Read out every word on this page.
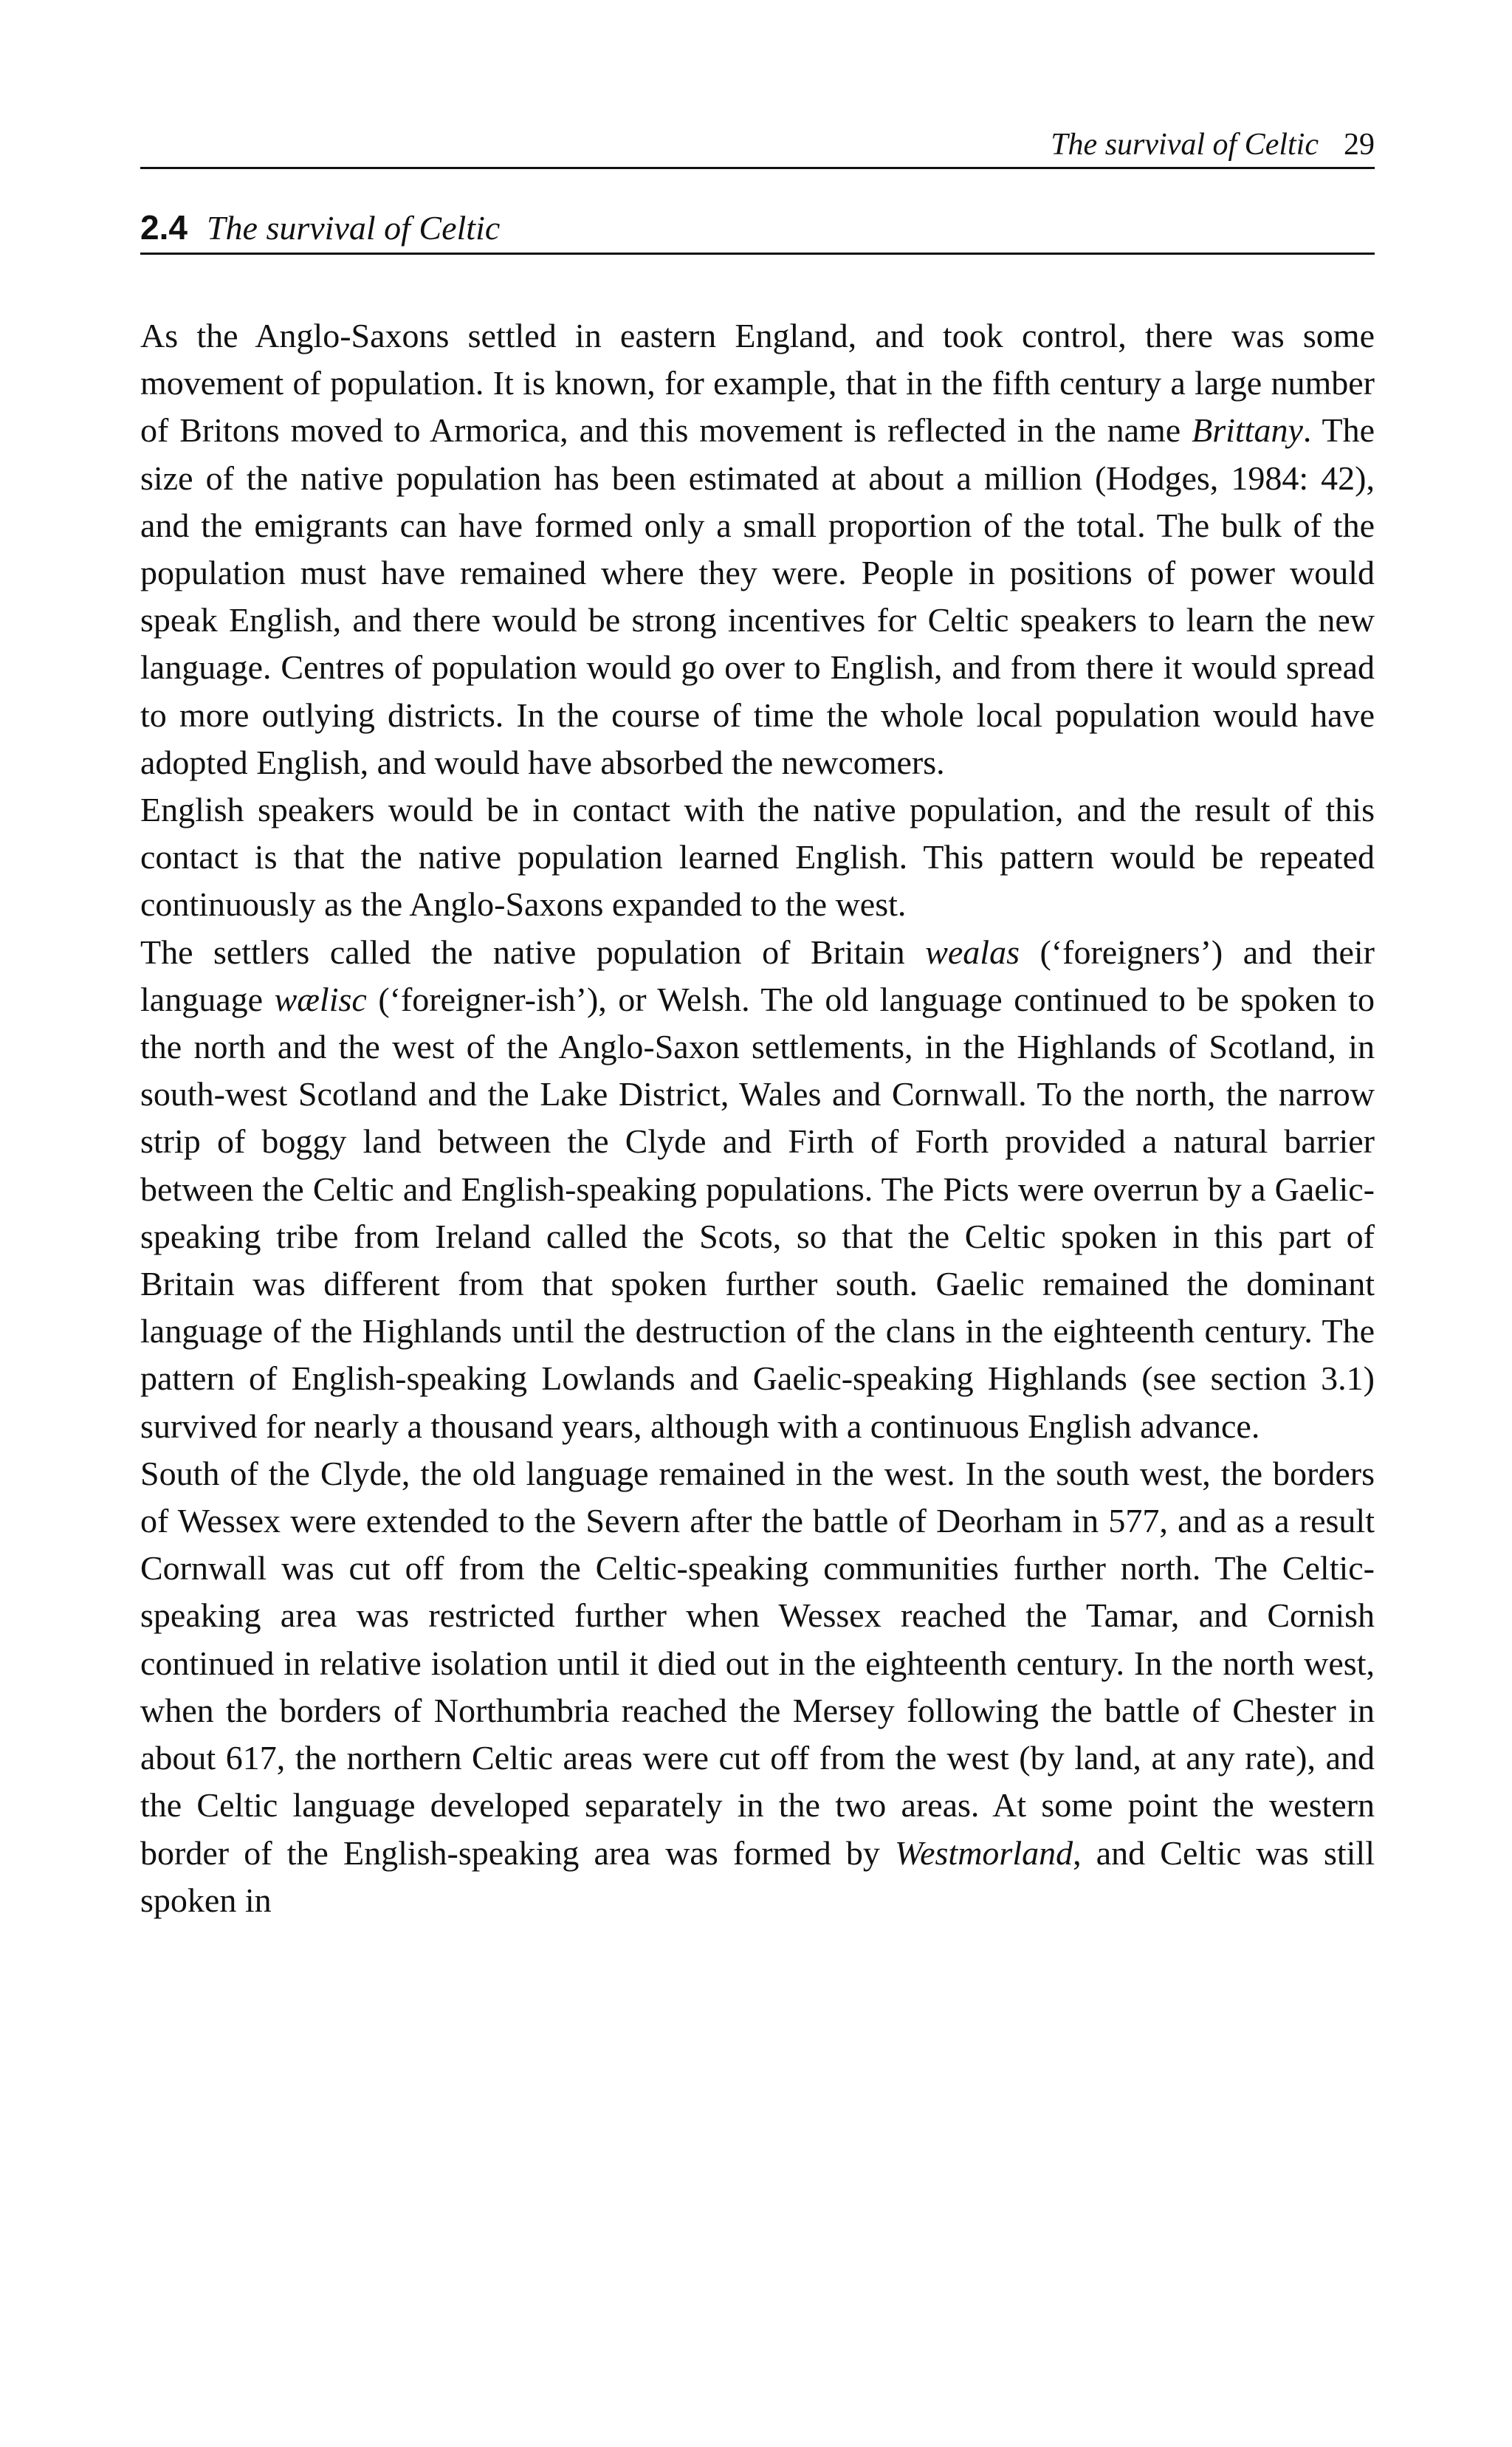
The survival of Celtic 29
2.4 The survival of Celtic

As the Anglo-Saxons settled in eastern England, and took control, there was some movement of population. It is known, for example, that in the fifth century a large number of Britons moved to Armorica, and this movement is reflected in the name Brittany. The size of the native population has been estimated at about a million (Hodges, 1984: 42), and the emigrants can have formed only a small proportion of the total. The bulk of the population must have remained where they were. People in positions of power would speak English, and there would be strong incentives for Celtic speakers to learn the new language. Centres of population would go over to English, and from there it would spread to more outlying districts. In the course of time the whole local population would have adopted English, and would have absorbed the newcomers.

English speakers would be in contact with the native population, and the result of this contact is that the native population learned English. This pattern would be repeated continuously as the Anglo-Saxons expanded to the west.

The settlers called the native population of Britain wealas (‘foreigners’) and their language wælisc (‘foreigner-ish’), or Welsh. The old language continued to be spoken to the north and the west of the Anglo-Saxon settlements, in the Highlands of Scotland, in south-west Scotland and the Lake District, Wales and Cornwall. To the north, the narrow strip of boggy land between the Clyde and Firth of Forth provided a natural barrier between the Celtic and English-speaking populations. The Picts were overrun by a Gaelic-speaking tribe from Ireland called the Scots, so that the Celtic spoken in this part of Britain was different from that spoken further south. Gaelic remained the dominant language of the Highlands until the destruction of the clans in the eighteenth century. The pattern of English-speaking Lowlands and Gaelic-speaking Highlands (see section 3.1) survived for nearly a thousand years, although with a continuous English advance.

South of the Clyde, the old language remained in the west. In the south west, the borders of Wessex were extended to the Severn after the battle of Deorham in 577, and as a result Cornwall was cut off from the Celtic-speaking communities further north. The Celtic-speaking area was restricted further when Wessex reached the Tamar, and Cornish continued in relative isolation until it died out in the eighteenth century. In the north west, when the borders of Northumbria reached the Mersey following the battle of Chester in about 617, the northern Celtic areas were cut off from the west (by land, at any rate), and the Celtic language developed separately in the two areas. At some point the western border of the English-speaking area was formed by Westmorland, and Celtic was still spoken in
